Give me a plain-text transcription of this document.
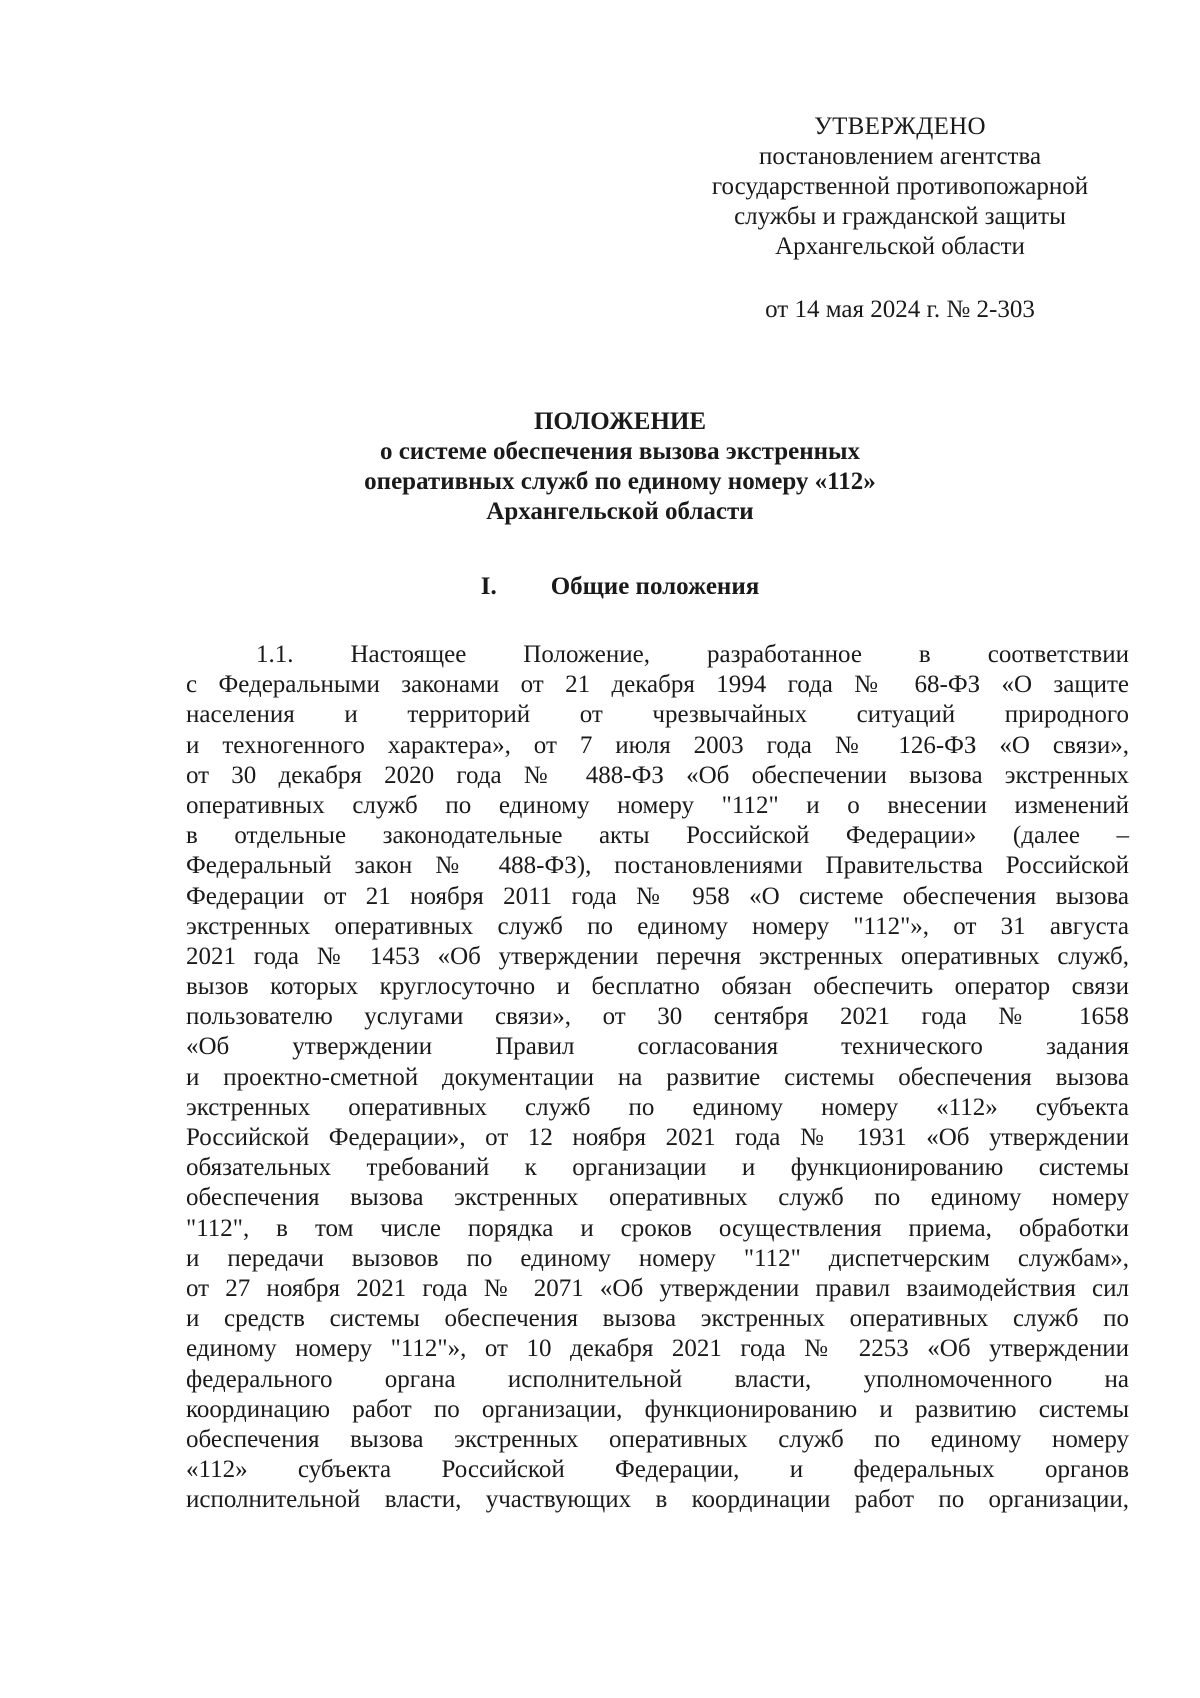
УТВЕРЖДЕНО
постановлением агентства
государственной противопожарной
службы и гражданской защиты
Архангельской области
от 14 мая 2024 г. № 2-303
ПОЛОЖЕНИЕ
о системе обеспечения вызова экстренных
оперативных служб по единому номеру «112»
Архангельской области
I. Общие положения
1.1. Настоящее Положение, разработанное в соответствии
с Федеральными законами от 21 декабря 1994 года № 68-ФЗ «О защите
населения и территорий от чрезвычайных ситуаций природного
и техногенного характера», от 7 июля 2003 года № 126-ФЗ «О связи»,
от 30 декабря 2020 года № 488-ФЗ «Об обеспечении вызова экстренных
оперативных служб по единому номеру "112" и о внесении изменений
в отдельные законодательные акты Российской Федерации» (далее –
Федеральный закон № 488-ФЗ), постановлениями Правительства Российской
Федерации от 21 ноября 2011 года № 958 «О системе обеспечения вызова
экстренных оперативных служб по единому номеру "112"», от 31 августа
2021 года № 1453 «Об утверждении перечня экстренных оперативных служб,
вызов которых круглосуточно и бесплатно обязан обеспечить оператор связи
пользователю услугами связи», от 30 сентября 2021 года № 1658
«Об утверждении Правил согласования технического задания
и проектно-сметной документации на развитие системы обеспечения вызова
экстренных оперативных служб по единому номеру «112» субъекта
Российской Федерации», от 12 ноября 2021 года № 1931 «Об утверждении
обязательных требований к организации и функционированию системы
обеспечения вызова экстренных оперативных служб по единому номеру
"112", в том числе порядка и сроков осуществления приема, обработки
и передачи вызовов по единому номеру "112" диспетчерским службам»,
от 27 ноября 2021 года № 2071 «Об утверждении правил взаимодействия сил
и средств системы обеспечения вызова экстренных оперативных служб по
единому номеру "112"», от 10 декабря 2021 года № 2253 «Об утверждении
федерального органа исполнительной власти, уполномоченного на
координацию работ по организации, функционированию и развитию системы
обеспечения вызова экстренных оперативных служб по единому номеру
«112» субъекта Российской Федерации, и федеральных органов
исполнительной власти, участвующих в координации работ по организации,
